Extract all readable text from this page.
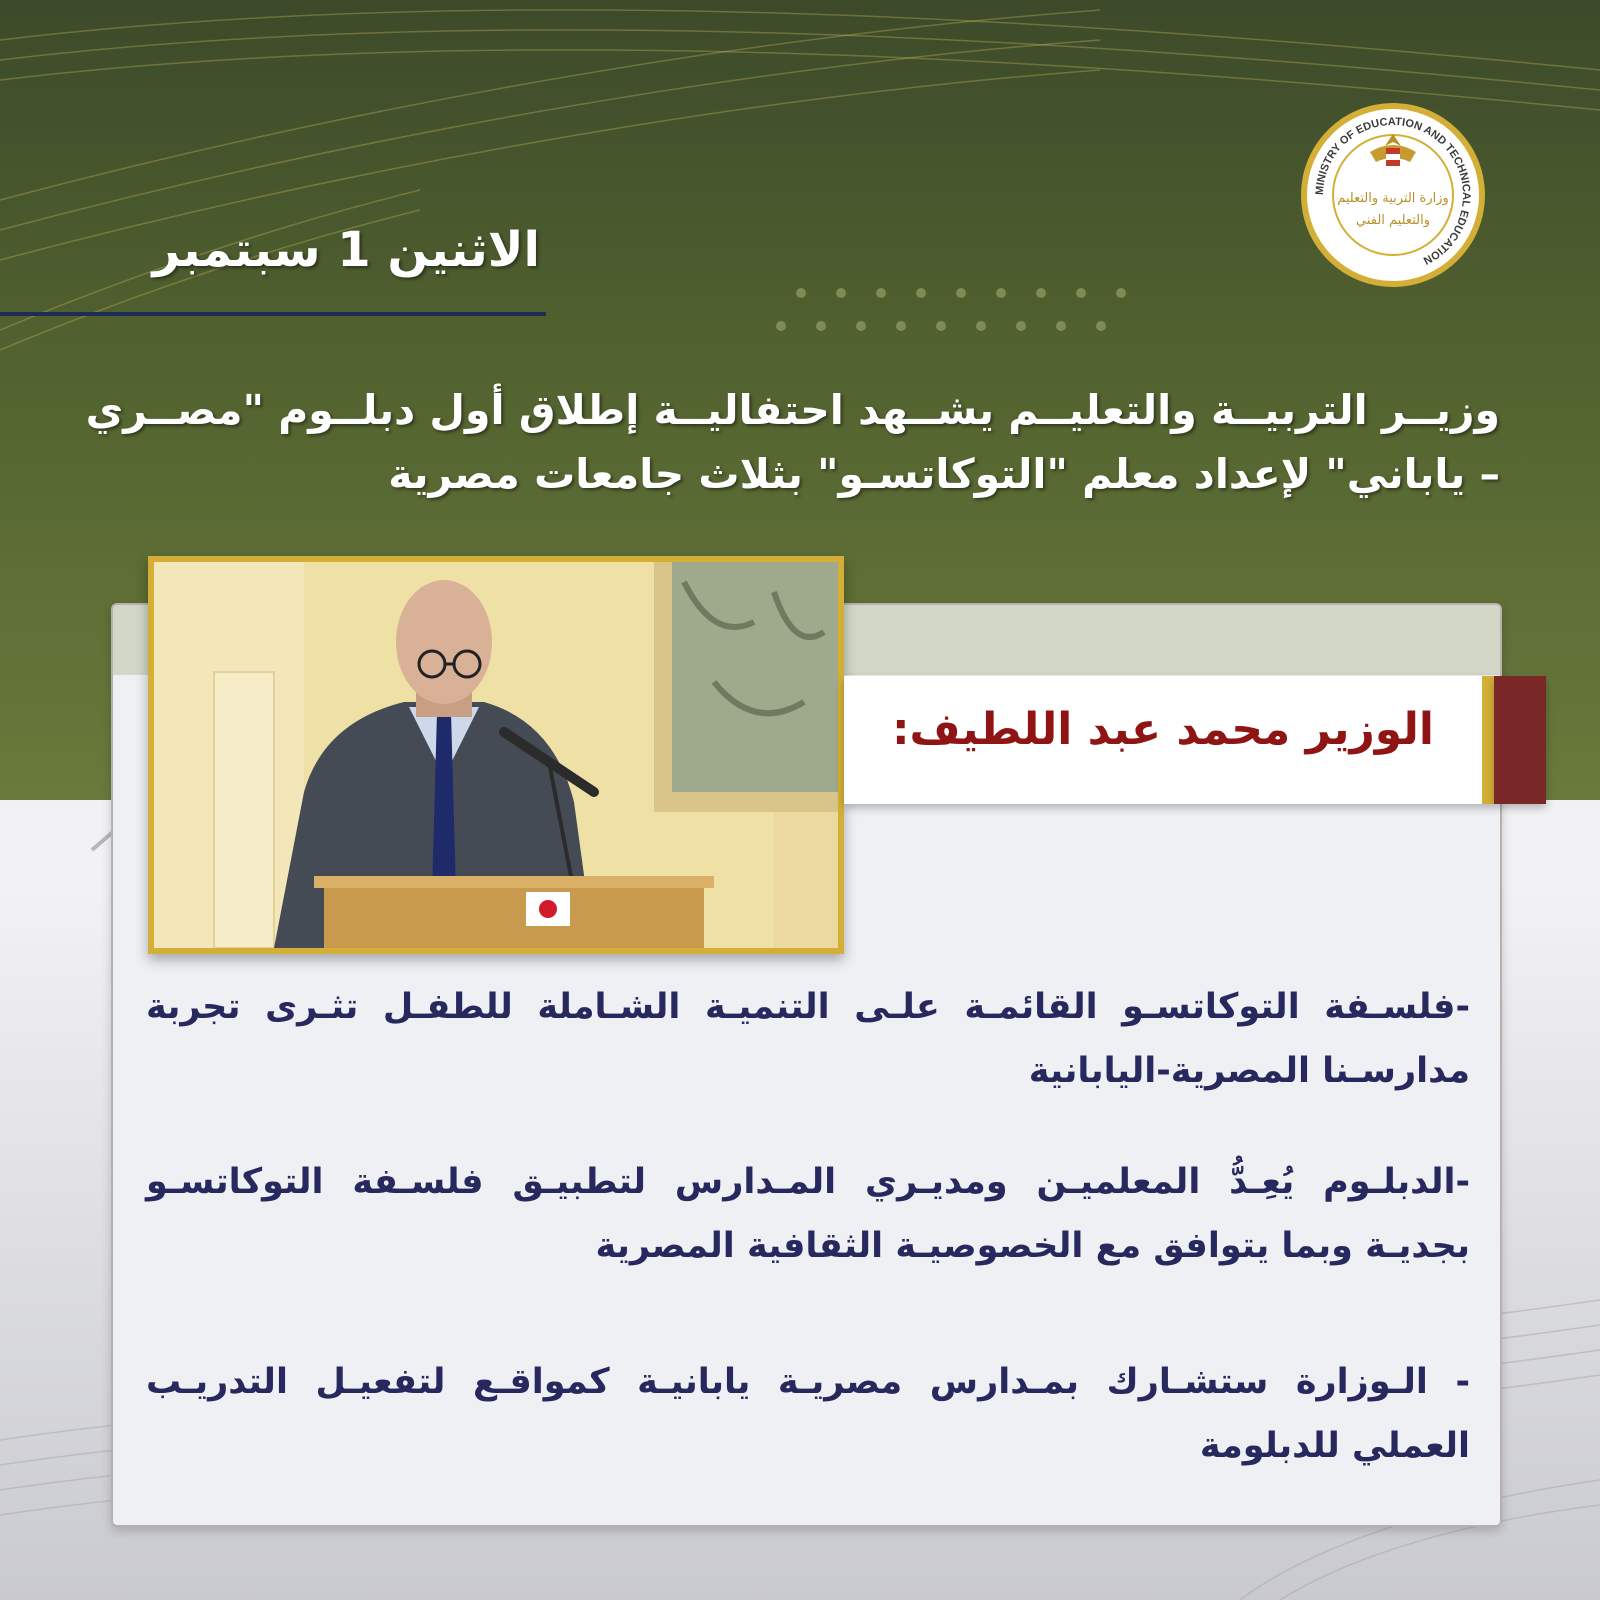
الاثنين 1 سبتمبر
وزيــر التربيــة والتعليــم يشــهد احتفاليــة إطلاق أول دبلــوم "مصــري – ياباني" لإعداد معلم "التوكاتسـو" بثلاث جامعات مصرية
MINISTRY OF EDUCATION AND TECHNICAL EDUCATION
وزارة التربية والتعليم
والتعليم الفني
الوزير محمد عبد اللطيف:
-فلسـفة التوكاتسـو القائمـة علـى التنميـة الشـاملة للطفـل تثـرى تجربة مدارسـنا المصرية-اليابانية
-الدبلـوم يُعِـدُّ المعلميـن ومديـري المـدارس لتطبيـق فلسـفة التوكاتسـو بجديـة وبما يتوافق مع الخصوصيـة الثقافية المصرية
- الـوزارة ستشـارك بمـدارس مصريـة يابانيـة كمواقـع لتفعيـل التدريـب العملي للدبلومة
